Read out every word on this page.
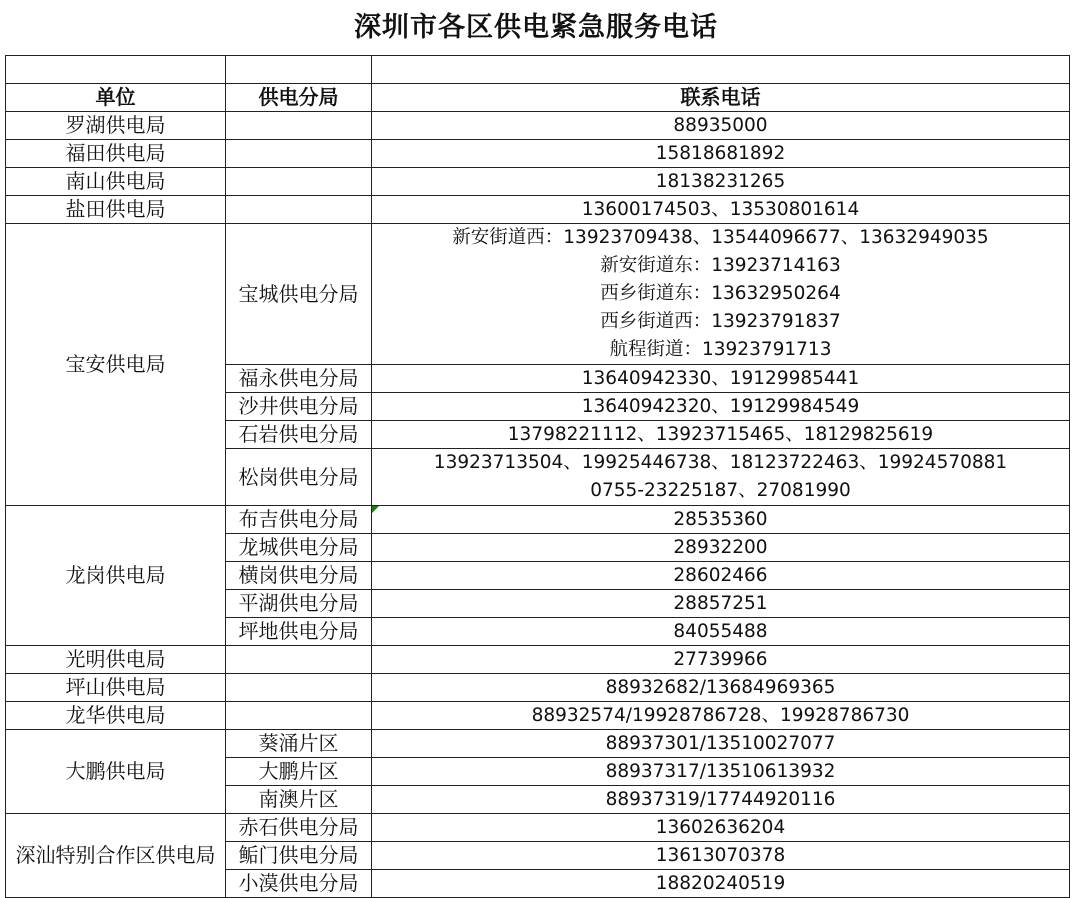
深圳市各区供电紧急服务电话

单位	供电分局	联系电话
罗湖供电局		88935000
福田供电局		15818681892
南山供电局		18138231265
盐田供电局		13600174503、13530801614
宝安供电局	宝城供电分局	新安街道西：13923709438、13544096677、13632949035
新安街道东：13923714163
西乡街道东：13632950264
西乡街道西：13923791837
航程街道：13923791713

	福永供电分局	13640942330、19129985441
	沙井供电分局	13640942320、19129984549
	石岩供电分局	13798221112、13923715465、18129825619
	松岗供电分局	13923713504、19925446738、18123722463、19924570881
0755-23225187、27081990

龙岗供电局	布吉供电分局	28535360
	龙城供电分局	28932200
	横岗供电分局	28602466
	平湖供电分局	28857251
	坪地供电分局	84055488
光明供电局		27739966
坪山供电局		88932682/13684969365
龙华供电局		88932574/19928786728、19928786730
大鹏供电局	葵涌片区	88937301/13510027077
	大鹏片区	88937317/13510613932
	南澳片区	88937319/17744920116
深汕特别合作区供电局	赤石供电分局	13602636204
	鲘门供电分局	13613070378
	小漠供电分局	18820240519
